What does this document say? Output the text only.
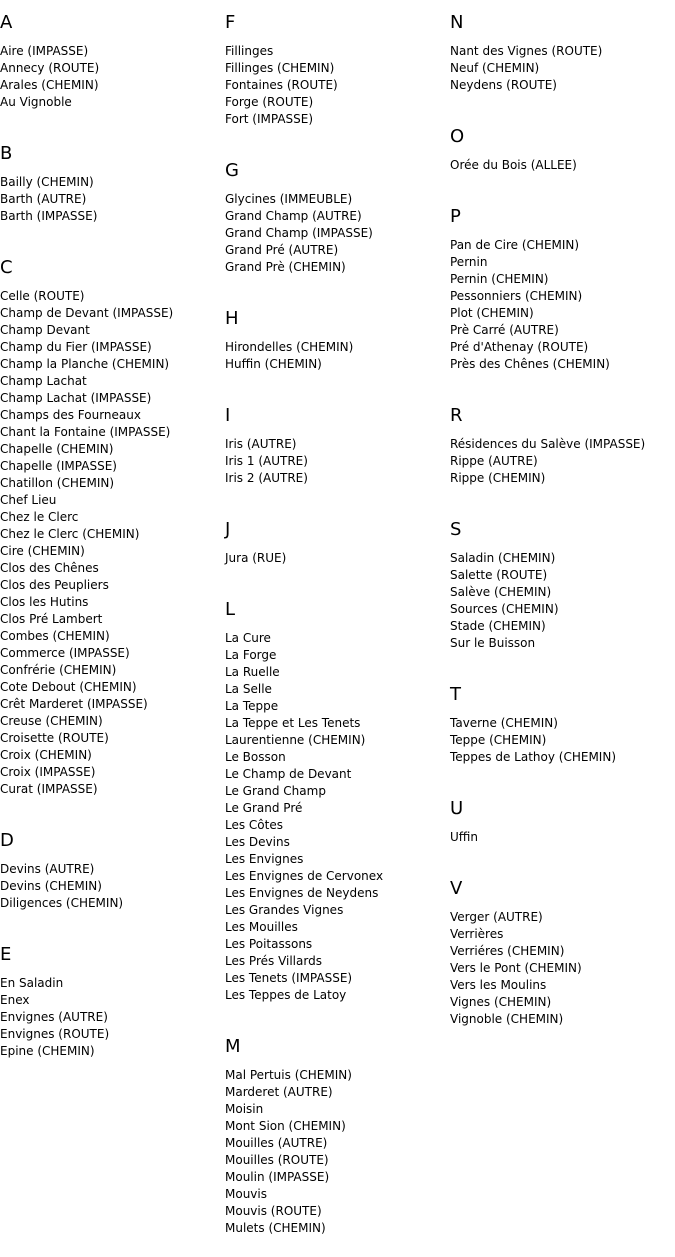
A
Aire (IMPASSE)
Annecy (ROUTE)
Arales (CHEMIN)
Au Vignoble
B
Bailly (CHEMIN)
Barth (AUTRE)
Barth (IMPASSE)
C
Celle (ROUTE)
Champ de Devant (IMPASSE)
Champ Devant
Champ du Fier (IMPASSE)
Champ la Planche (CHEMIN)
Champ Lachat
Champ Lachat (IMPASSE)
Champs des Fourneaux
Chant la Fontaine (IMPASSE)
Chapelle (CHEMIN)
Chapelle (IMPASSE)
Chatillon (CHEMIN)
Chef Lieu
Chez le Clerc
Chez le Clerc (CHEMIN)
Cire (CHEMIN)
Clos des Chênes
Clos des Peupliers
Clos les Hutins
Clos Pré Lambert
Combes (CHEMIN)
Commerce (IMPASSE)
Confrérie (CHEMIN)
Cote Debout (CHEMIN)
Crêt Marderet (IMPASSE)
Creuse (CHEMIN)
Croisette (ROUTE)
Croix (CHEMIN)
Croix (IMPASSE)
Curat (IMPASSE)
D
Devins (AUTRE)
Devins (CHEMIN)
Diligences (CHEMIN)
E
En Saladin
Enex
Envignes (AUTRE)
Envignes (ROUTE)
Epine (CHEMIN)
F
Fillinges
Fillinges (CHEMIN)
Fontaines (ROUTE)
Forge (ROUTE)
Fort (IMPASSE)
G
Glycines (IMMEUBLE)
Grand Champ (AUTRE)
Grand Champ (IMPASSE)
Grand Pré (AUTRE)
Grand Prè (CHEMIN)
H
Hirondelles (CHEMIN)
Huffin (CHEMIN)
I
Iris (AUTRE)
Iris 1 (AUTRE)
Iris 2 (AUTRE)
J
Jura (RUE)
L
La Cure
La Forge
La Ruelle
La Selle
La Teppe
La Teppe et Les Tenets
Laurentienne (CHEMIN)
Le Bosson
Le Champ de Devant
Le Grand Champ
Le Grand Pré
Les Côtes
Les Devins
Les Envignes
Les Envignes de Cervonex
Les Envignes de Neydens
Les Grandes Vignes
Les Mouilles
Les Poitassons
Les Prés Villards
Les Tenets (IMPASSE)
Les Teppes de Latoy
M
Mal Pertuis (CHEMIN)
Marderet (AUTRE)
Moisin
Mont Sion (CHEMIN)
Mouilles (AUTRE)
Mouilles (ROUTE)
Moulin (IMPASSE)
Mouvis
Mouvis (ROUTE)
Mulets (CHEMIN)
N
Nant des Vignes (ROUTE)
Neuf (CHEMIN)
Neydens (ROUTE)
O
Orée du Bois (ALLEE)
P
Pan de Cire (CHEMIN)
Pernin
Pernin (CHEMIN)
Pessonniers (CHEMIN)
Plot (CHEMIN)
Prè Carré (AUTRE)
Pré d'Athenay (ROUTE)
Près des Chênes (CHEMIN)
R
Résidences du Salève (IMPASSE)
Rippe (AUTRE)
Rippe (CHEMIN)
S
Saladin (CHEMIN)
Salette (ROUTE)
Salève (CHEMIN)
Sources (CHEMIN)
Stade (CHEMIN)
Sur le Buisson
T
Taverne (CHEMIN)
Teppe (CHEMIN)
Teppes de Lathoy (CHEMIN)
U
Uffin
V
Verger (AUTRE)
Verrières
Verriéres (CHEMIN)
Vers le Pont (CHEMIN)
Vers les Moulins
Vignes (CHEMIN)
Vignoble (CHEMIN)
